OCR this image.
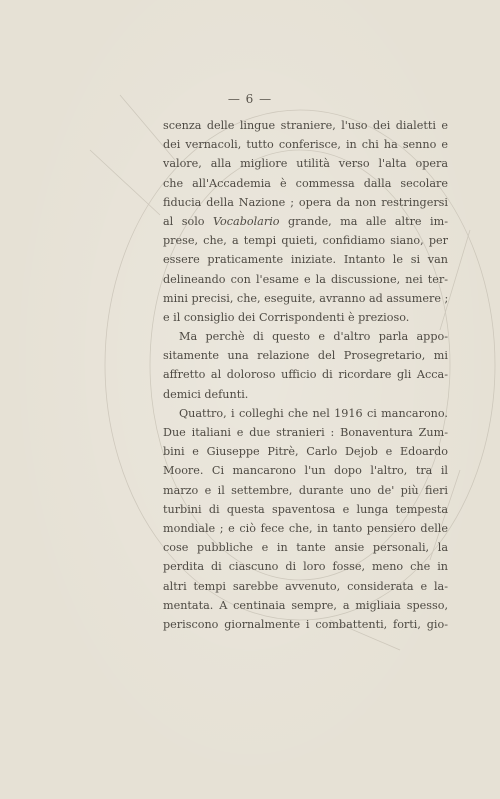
— 6 —
scenza delle lingue straniere, l'uso dei dialetti e
dei vernacoli, tutto conferisce, in chi ha senno e
valore, alla migliore utilità verso l'alta opera
che all'Accademia è commessa dalla secolare
fiducia della Nazione ; opera da non restringersi
al solo Vocabolario grande, ma alle altre im-
prese, che, a tempi quieti, confidiamo siano, per
essere praticamente iniziate. Intanto le si van
delineando con l'esame e la discussione, nei ter-
mini precisi, che, eseguite, avranno ad assumere ;
e il consiglio dei Corrispondenti è prezioso.
Ma perchè di questo e d'altro parla appo-
sitamente una relazione del Prosegretario, mi
affretto al doloroso ufficio di ricordare gli Acca-
demici defunti.
Quattro, i colleghi che nel 1916 ci mancarono.
Due italiani e due stranieri : Bonaventura Zum-
bini e Giuseppe Pitrè, Carlo Dejob e Edoardo
Moore. Ci mancarono l'un dopo l'altro, tra il
marzo e il settembre, durante uno de' più fieri
turbini di questa spaventosa e lunga tempesta
mondiale ; e ciò fece che, in tanto pensiero delle
cose pubbliche e in tante ansie personali, la
perdita di ciascuno di loro fosse, meno che in
altri tempi sarebbe avvenuto, considerata e la-
mentata. A centinaia sempre, a migliaia spesso,
periscono giornalmente i combattenti, forti, gio-
